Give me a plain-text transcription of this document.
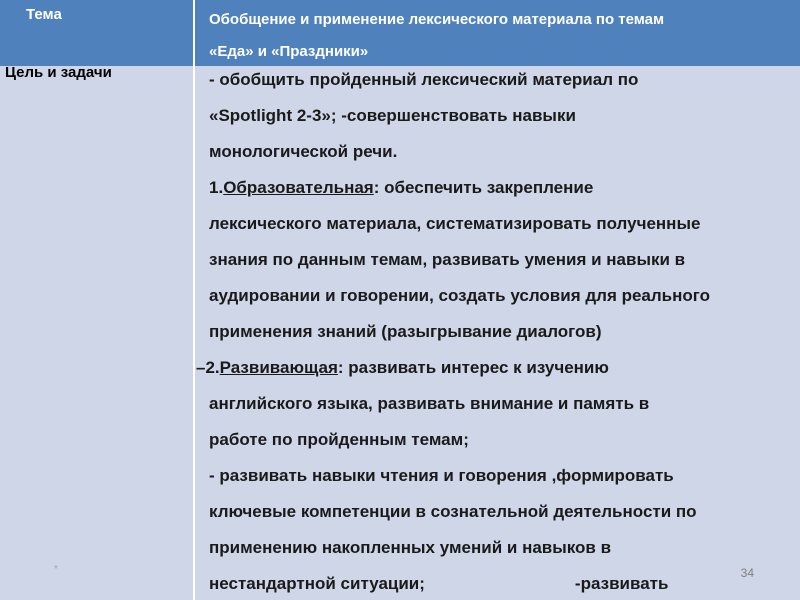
Тема	Обобщение и применение лексического материала по темам
«Еда» и «Праздники»
Цель и задачи	- обобщить пройденный лексический материал по
«Spotlight 2-3»; -совершенствовать навыки
монологической речи.
1.Образовательная: обеспечить закрепление
лексического материала, систематизировать полученные
знания по данным темам, развивать умения и навыки в
аудировании и говорении, создать условия для реального
применения знаний (разыгрывание диалогов)
–2.Развивающая: развивать интерес к изучению
английского языка, развивать внимание и память в
работе по пройденным темам;
- развивать навыки чтения и говорения ,формировать
ключевые компетенции в сознательной деятельности по
применению накопленных умений и навыков в
нестандартной ситуации;	-развивать
*	34
